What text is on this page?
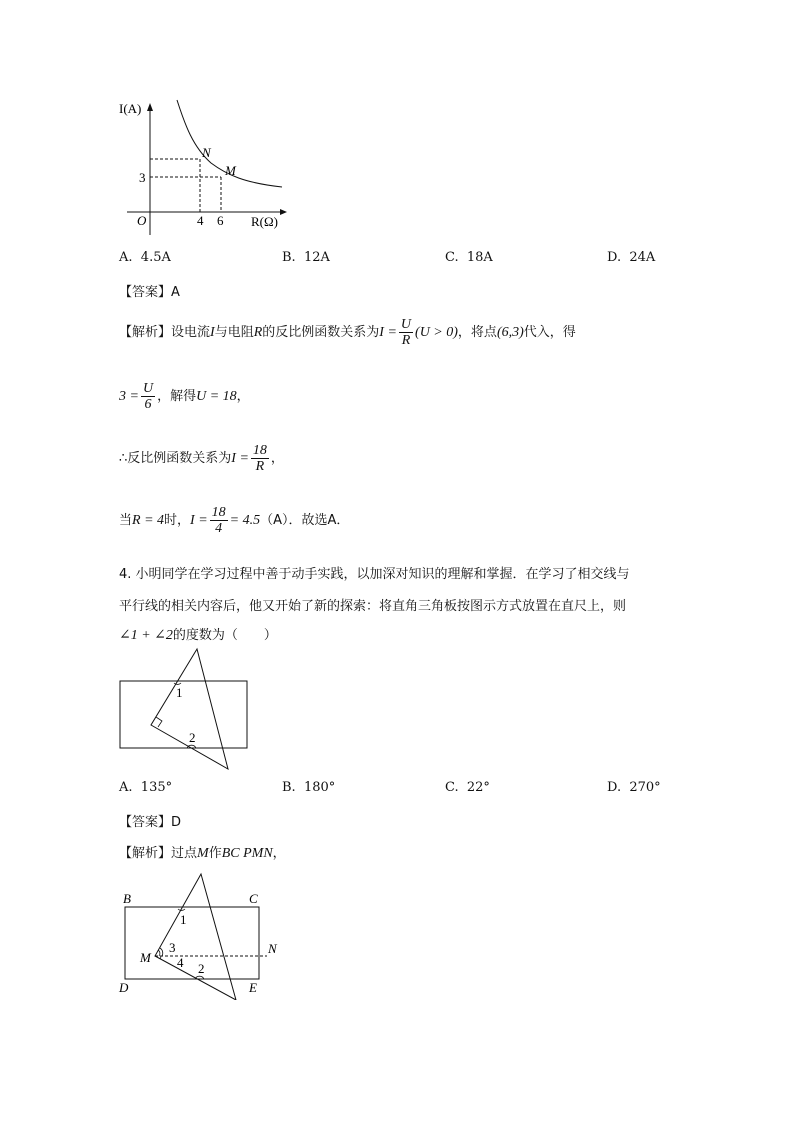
I(A)
R(Ω)
O
3
4 6
N
M
A. 4.5A	B. 12A	C. 18A	D. 24A
【答案】A
【解析】设电流I与电阻R的反比例函数关系为$I = \frac{U}{R} (U > 0)$，将点(6,3)代入，得
$3 = \frac{U}{6}$ ，解得U = 18，
∴反比例函数关系为$I = \frac{18}{R}$ ，
当R = 4时，$I = \frac{18}{4} = 4.5(A)$．故选A．
4. 小明同学在学习过程中善于动手实践，以加深对知识的理解和掌握．在学习了相交线与
平行线的相关内容后，他又开始了新的探索：将直角三角板按图示方式放置在直尺上，则
∠1 + ∠2的度数为（　　）
1
2
A. 135°	B. 180°	C. 22°	D. 270°
【答案】D
【解析】过点M作BC PMN，
B	C
D	E
M
N
1
2
3
4
